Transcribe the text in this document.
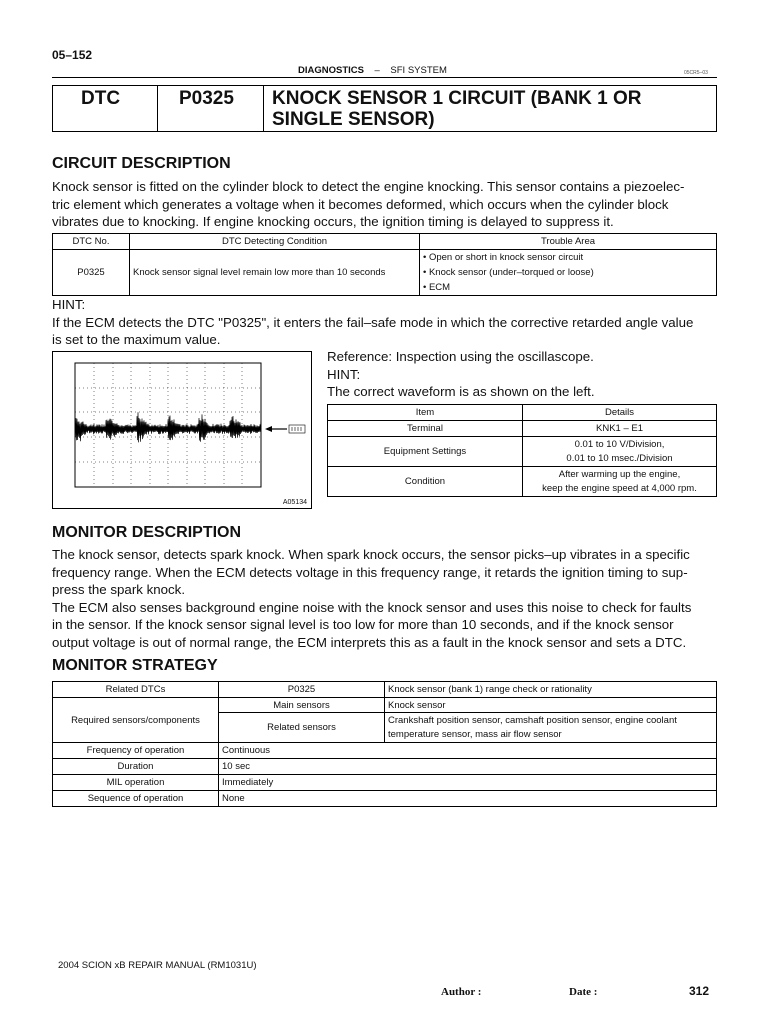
05–152
DIAGNOSTICS – SFI SYSTEM	05CR5–03
DTC	P0325 KNOCK SENSOR 1 CIRCUIT (BANK 1 OR
SINGLE SENSOR)
CIRCUIT DESCRIPTION
Knock sensor is fitted on the cylinder block to detect the engine knocking. This sensor contains a piezoelec-
tric element which generates a voltage when it becomes deformed, which occurs when the cylinder block
vibrates due to knocking. If engine knocking occurs, the ignition timing is delayed to suppress it.
DTC No.	DTC Detecting Condition	Trouble Area
P0325	Knock sensor signal level remain low more than 10 seconds	• Open or short in knock sensor circuit
• Knock sensor (under–torqued or loose)
• ECM
HINT:
If the ECM detects the DTC "P0325", it enters the fail–safe mode in which the corrective retarded angle value
is set to the maximum value.
A05134
Reference: Inspection using the oscillascope.
HINT:
The correct waveform is as shown on the left.
Item	Details
Terminal	KNK1 – E1
Equipment Settings	0.01 to 10 V/Division,
0.01 to 10 msec./Division

Condition	After warming up the engine,
keep the engine speed at 4,000 rpm.
MONITOR DESCRIPTION
The knock sensor, detects spark knock. When spark knock occurs, the sensor picks–up vibrates in a specific
frequency range. When the ECM detects voltage in this frequency range, it retards the ignition timing to sup-
press the spark knock.
The ECM also senses background engine noise with the knock sensor and uses this noise to check for faults
in the sensor. If the knock sensor signal level is too low for more than 10 seconds, and if the knock sensor
output voltage is out of normal range, the ECM interprets this as a fault in the knock sensor and sets a DTC.
MONITOR STRATEGY
Related DTCs	P0325	Knock sensor (bank 1) range check or rationality
Required sensors/components	Main sensors	Knock sensor
	Related sensors	Crankshaft position sensor, camshaft position sensor, engine coolant
temperature sensor, mass air flow sensor

Frequency of operation	Continuous	
Duration	10 sec	
MIL operation	Immediately	
Sequence of operation	None	
2004 SCION xB REPAIR MANUAL (RM1031U)
Author :	Date :	312
